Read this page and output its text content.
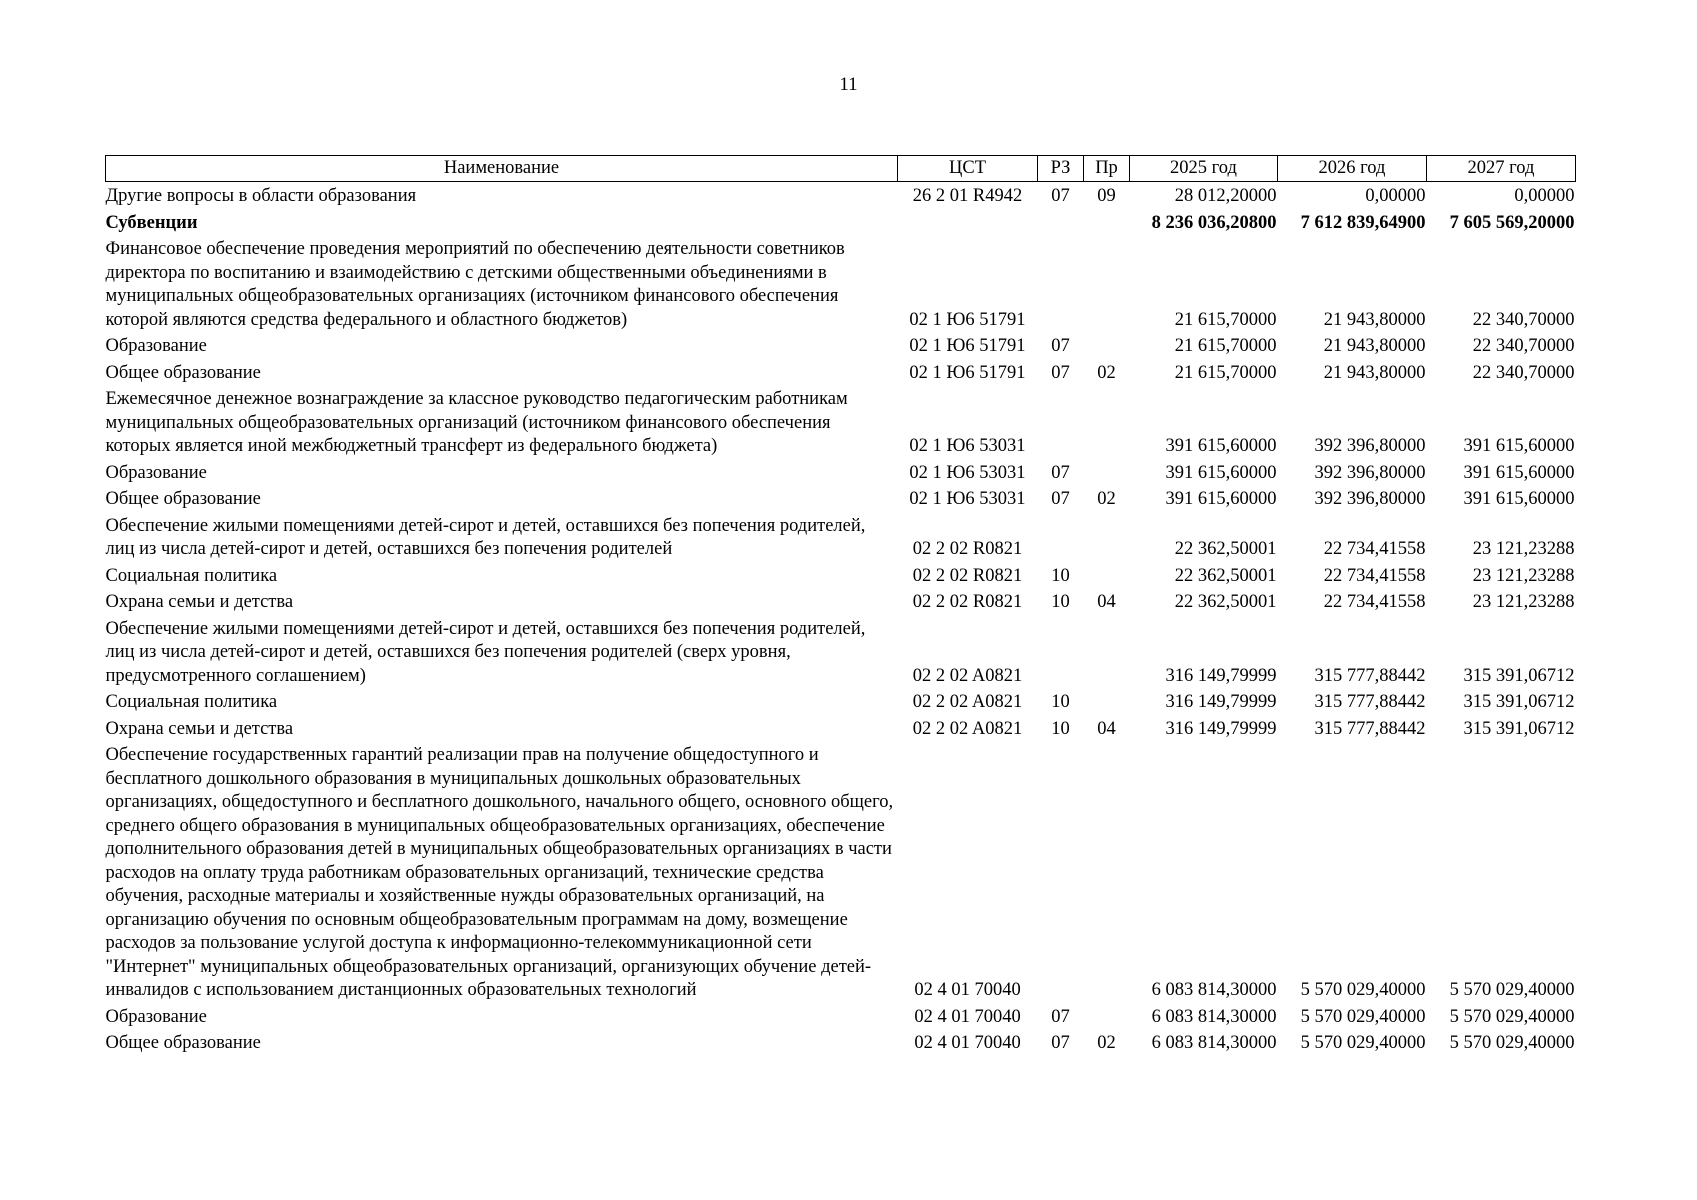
11
Наименование	ЦСТ	РЗ	Пр	2025 год	2026 год	2027 год
Другие вопросы в области образования	26 2 01 R4942	07	09	28 012,20000	0,00000	0,00000
Субвенции				8 236 036,20800	7 612 839,64900	7 605 569,20000
Финансовое обеспечение проведения мероприятий по обеспечению деятельности советников директора по воспитанию и взаимодействию с детскими общественными объединениями в муниципальных общеобразовательных организациях (источником финансового обеспечения которой являются средства федерального и областного бюджетов)	02 1 Ю6 51791			21 615,70000	21 943,80000	22 340,70000
Образование	02 1 Ю6 51791	07		21 615,70000	21 943,80000	22 340,70000
Общее образование	02 1 Ю6 51791	07	02	21 615,70000	21 943,80000	22 340,70000
Ежемесячное денежное вознаграждение за классное руководство педагогическим работникам муниципальных общеобразовательных организаций (источником финансового обеспечения которых является иной межбюджетный трансферт из федерального бюджета)	02 1 Ю6 53031			391 615,60000	392 396,80000	391 615,60000
Образование	02 1 Ю6 53031	07		391 615,60000	392 396,80000	391 615,60000
Общее образование	02 1 Ю6 53031	07	02	391 615,60000	392 396,80000	391 615,60000
Обеспечение жилыми помещениями детей-сирот и детей, оставшихся без попечения родителей, лиц из числа детей-сирот и детей, оставшихся без попечения родителей	02 2 02 R0821			22 362,50001	22 734,41558	23 121,23288
Социальная политика	02 2 02 R0821	10		22 362,50001	22 734,41558	23 121,23288
Охрана семьи и детства	02 2 02 R0821	10	04	22 362,50001	22 734,41558	23 121,23288
Обеспечение жилыми помещениями детей-сирот и детей, оставшихся без попечения родителей, лиц из числа детей-сирот и детей, оставшихся без попечения родителей (сверх уровня, предусмотренного соглашением)	02 2 02 A0821			316 149,79999	315 777,88442	315 391,06712
Социальная политика	02 2 02 A0821	10		316 149,79999	315 777,88442	315 391,06712
Охрана семьи и детства	02 2 02 A0821	10	04	316 149,79999	315 777,88442	315 391,06712
Обеспечение государственных гарантий реализации прав на получение общедоступного и бесплатного дошкольного образования в муниципальных дошкольных образовательных организациях, общедоступного и бесплатного дошкольного, начального общего, основного общего, среднего общего образования в муниципальных общеобразовательных организациях, обеспечение дополнительного образования детей в муниципальных общеобразовательных организациях в части расходов на оплату труда работникам образовательных организаций, технические средства обучения, расходные материалы и хозяйственные нужды образовательных организаций, на организацию обучения по основным общеобразовательным программам на дому, возмещение расходов за пользование услугой доступа к информационно-телекоммуникационной сети "Интернет" муниципальных общеобразовательных организаций, организующих обучение детей-инвалидов с использованием дистанционных образовательных технологий	02 4 01 70040			6 083 814,30000	5 570 029,40000	5 570 029,40000
Образование	02 4 01 70040	07		6 083 814,30000	5 570 029,40000	5 570 029,40000
Общее образование	02 4 01 70040	07	02	6 083 814,30000	5 570 029,40000	5 570 029,40000
